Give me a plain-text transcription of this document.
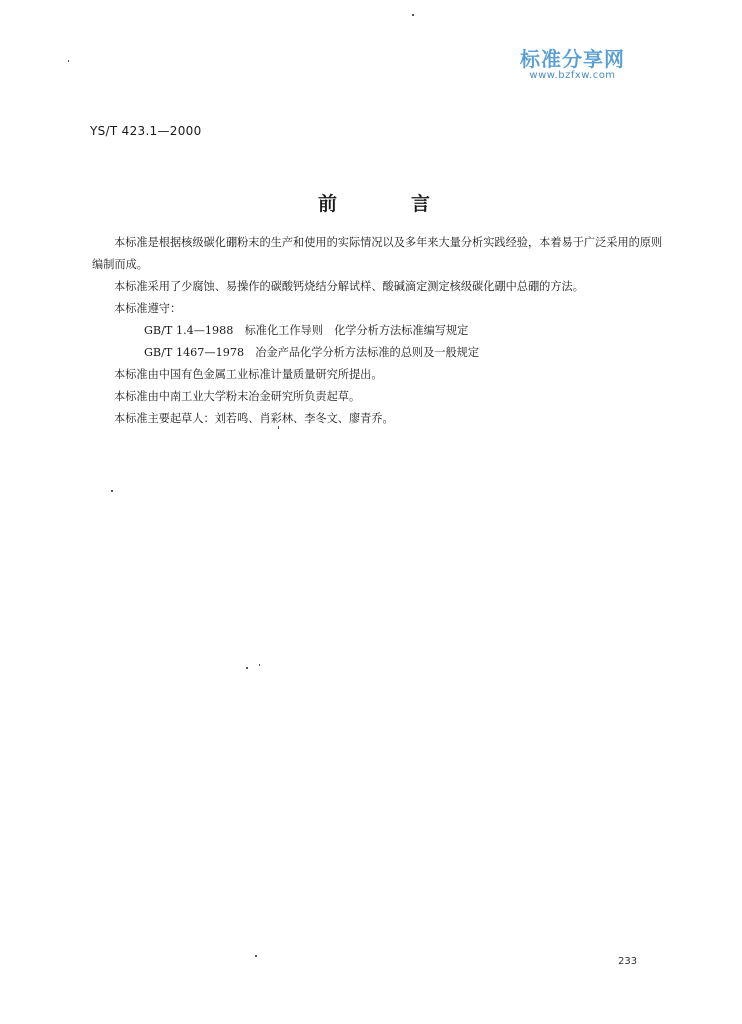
标准分享网
www.bzfxw.com
YS/T 423.1—2000
前	言
本标准是根据核级碳化硼粉末的生产和使用的实际情况以及多年来大量分析实践经验，本着易于广泛采用的原则编制而成。
本标准采用了少腐蚀、易操作的碳酸钙烧结分解试样、酸碱滴定测定核级碳化硼中总硼的方法。
本标准遵守：
GB/T 1.4—1988　标准化工作导则　化学分析方法标准编写规定
GB/T 1467—1978　冶金产品化学分析方法标准的总则及一般规定
本标准由中国有色金属工业标准计量质量研究所提出。
本标准由中南工业大学粉末冶金研究所负责起草。
本标准主要起草人：刘若鸣、肖彩林、李冬文、廖青乔。
233
